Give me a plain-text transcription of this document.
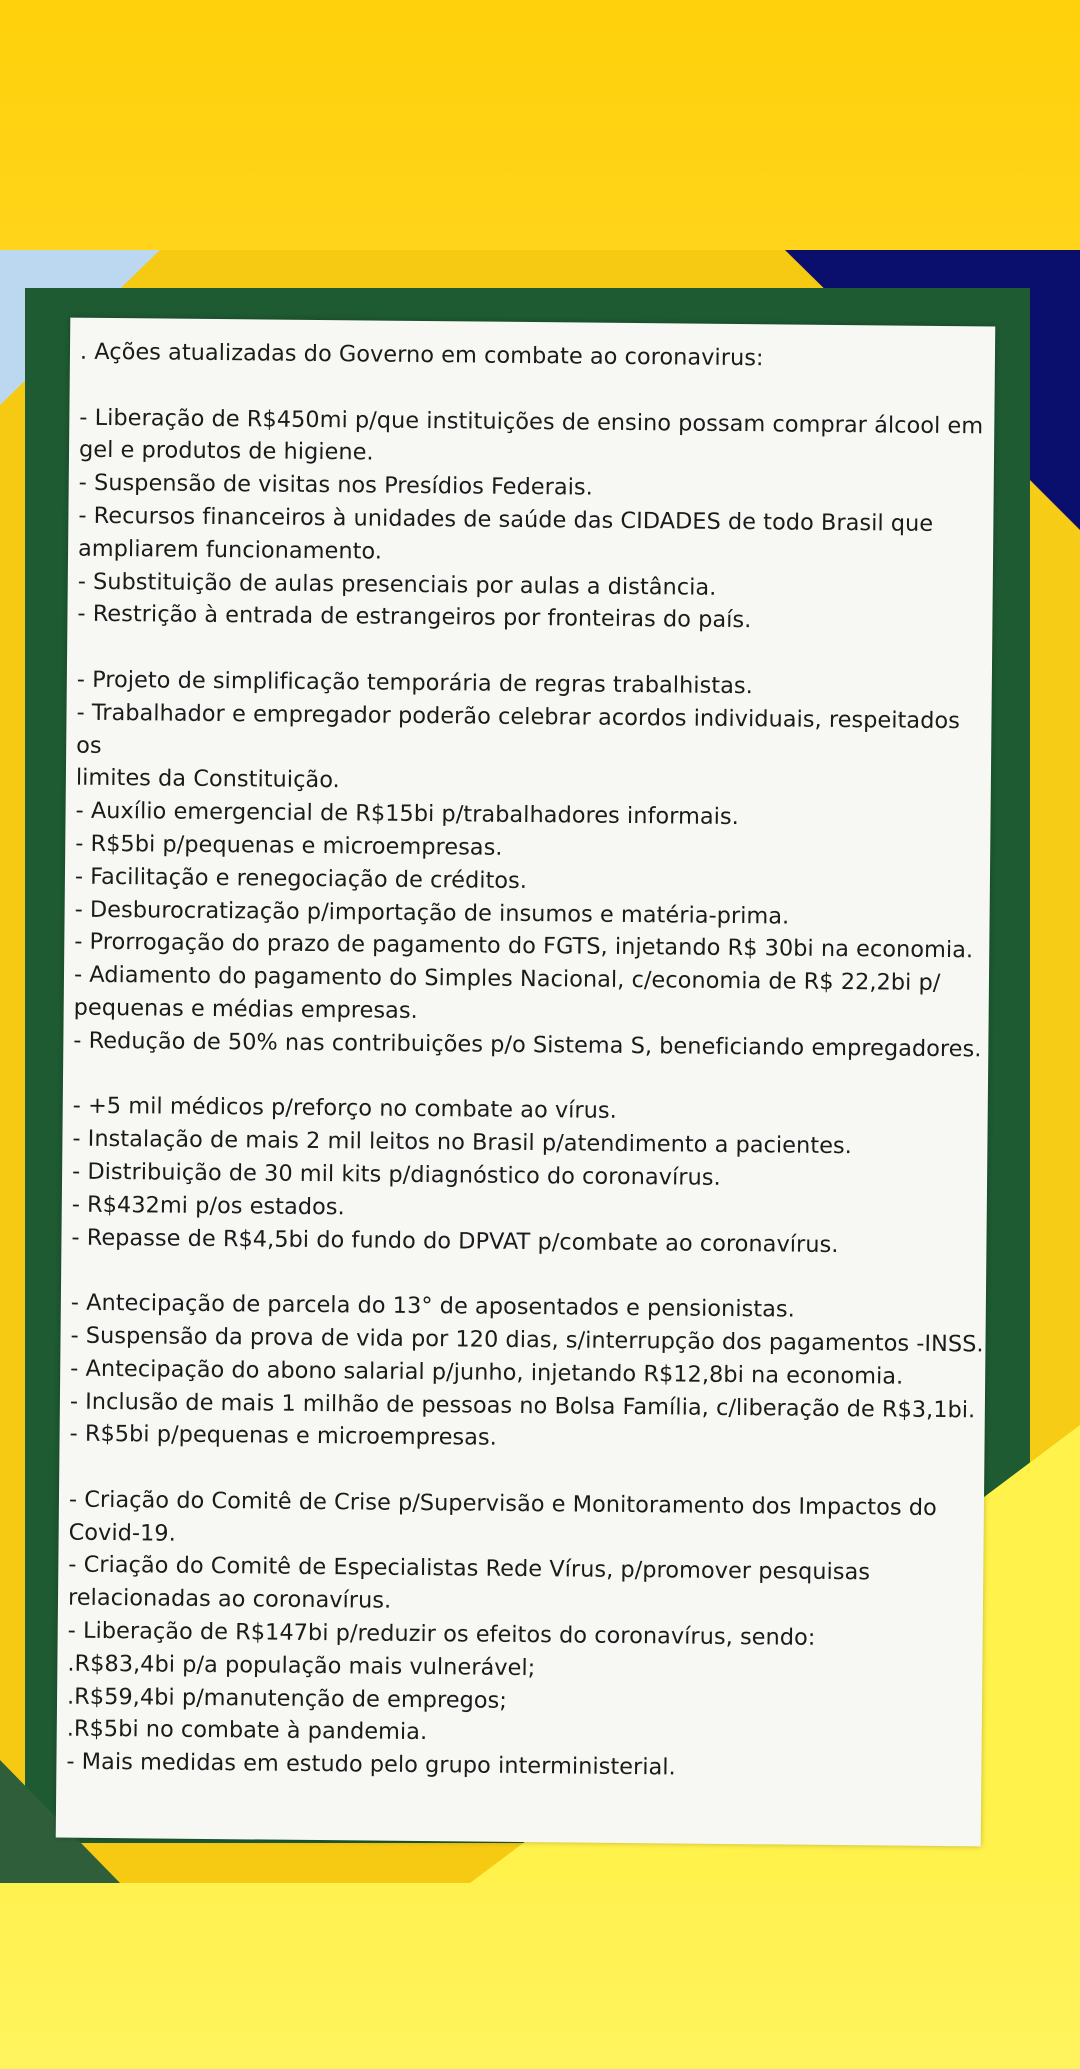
. Ações atualizadas do Governo em combate ao coronavirus:

- Liberação de R$450mi p/que instituições de ensino possam comprar álcool em

gel e produtos de higiene.

- Suspensão de visitas nos Presídios Federais.

- Recursos financeiros à unidades de saúde das CIDADES de todo Brasil que

ampliarem funcionamento.

- Substituição de aulas presenciais por aulas a distância.

- Restrição à entrada de estrangeiros por fronteiras do país.

- Projeto de simplificação temporária de regras trabalhistas.

- Trabalhador e empregador poderão celebrar acordos individuais, respeitados os

limites da Constituição.

- Auxílio emergencial de R$15bi p/trabalhadores informais.

- R$5bi p/pequenas e microempresas.

- Facilitação e renegociação de créditos.

- Desburocratização p/importação de insumos e matéria-prima.

- Prorrogação do prazo de pagamento do FGTS, injetando R$ 30bi na economia.

- Adiamento do pagamento do Simples Nacional, c/economia de R$ 22,2bi p/

pequenas e médias empresas.

- Redução de 50% nas contribuições p/o Sistema S, beneficiando empregadores.

- +5 mil médicos p/reforço no combate ao vírus.

- Instalação de mais 2 mil leitos no Brasil p/atendimento a pacientes.

- Distribuição de 30 mil kits p/diagnóstico do coronavírus.

- R$432mi p/os estados.

- Repasse de R$4,5bi do fundo do DPVAT p/combate ao coronavírus.

- Antecipação de parcela do 13° de aposentados e pensionistas.

- Suspensão da prova de vida por 120 dias, s/interrupção dos pagamentos -INSS.

- Antecipação do abono salarial p/junho, injetando R$12,8bi na economia.

- Inclusão de mais 1 milhão de pessoas no Bolsa Família, c/liberação de R$3,1bi.

- R$5bi p/pequenas e microempresas.

- Criação do Comitê de Crise p/Supervisão e Monitoramento dos Impactos do

Covid-19.

- Criação do Comitê de Especialistas Rede Vírus, p/promover pesquisas

relacionadas ao coronavírus.

- Liberação de R$147bi p/reduzir os efeitos do coronavírus, sendo:

.R$83,4bi p/a população mais vulnerável;

.R$59,4bi p/manutenção de empregos;

.R$5bi no combate à pandemia.

- Mais medidas em estudo pelo grupo interministerial.
